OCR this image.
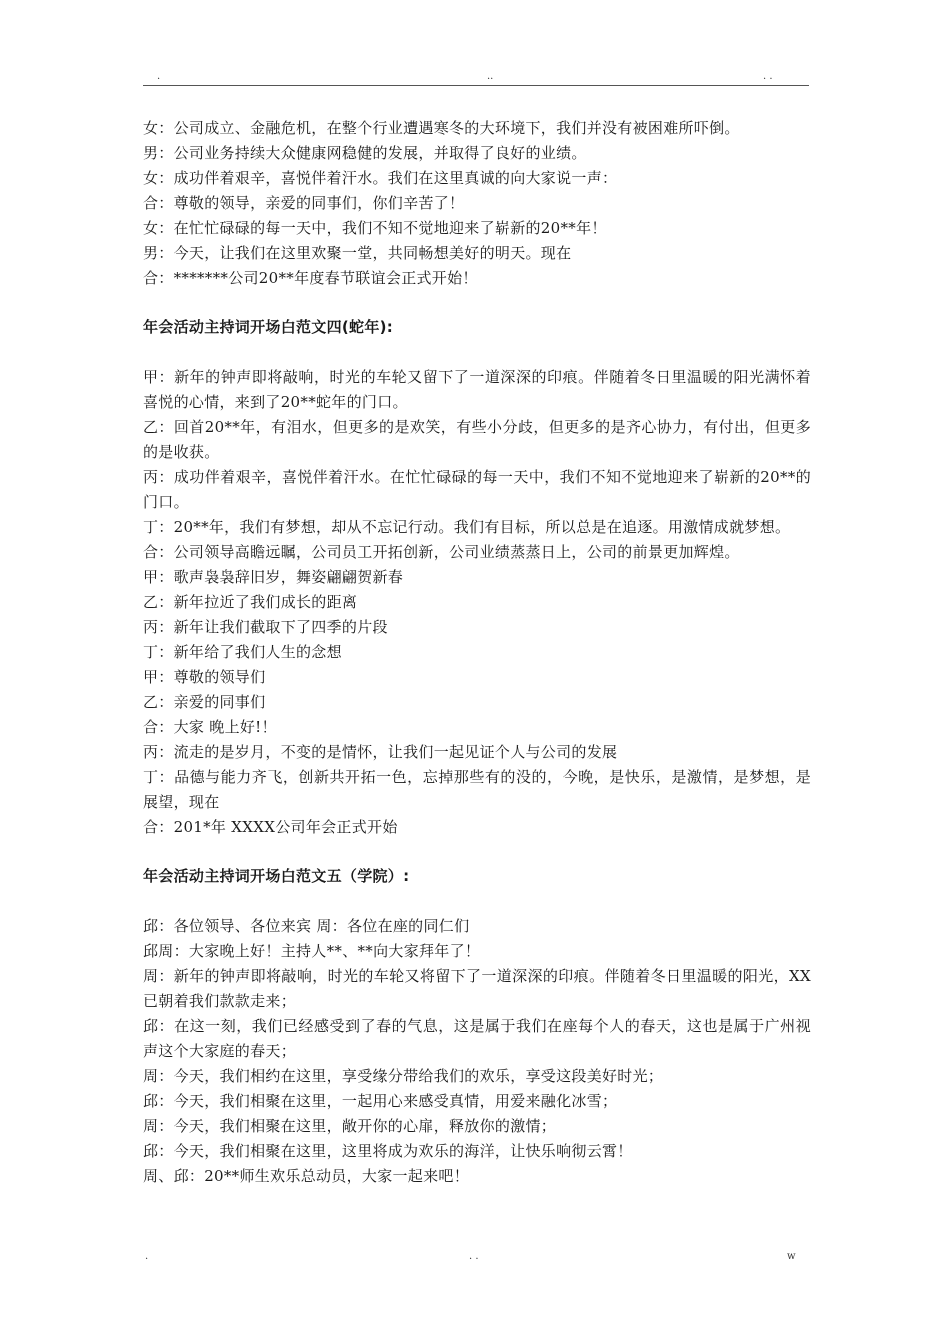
.	..	. .

女：公司成立、金融危机，在整个行业遭遇寒冬的大环境下，我们并没有被困难所吓倒。

男：公司业务持续大众健康网稳健的发展，并取得了良好的业绩。

女：成功伴着艰辛，喜悦伴着汗水。我们在这里真诚的向大家说一声：

合：尊敬的领导，亲爱的同事们，你们辛苦了！

女：在忙忙碌碌的每一天中，我们不知不觉地迎来了崭新的20**年！

男：今天，让我们在这里欢聚一堂，共同畅想美好的明天。现在

合：*******公司20**年度春节联谊会正式开始！

年会活动主持词开场白范文四(蛇年):

甲：新年的钟声即将敲响，时光的车轮又留下了一道深深的印痕。伴随着冬日里温暖的阳光满怀着喜悦的心情，来到了20**蛇年的门口。

乙：回首20**年，有泪水，但更多的是欢笑，有些小分歧，但更多的是齐心协力，有付出，但更多的是收获。

丙：成功伴着艰辛，喜悦伴着汗水。在忙忙碌碌的每一天中，我们不知不觉地迎来了崭新的20**的门口。

丁：20**年，我们有梦想，却从不忘记行动。我们有目标，所以总是在追逐。用激情成就梦想。

合：公司领导高瞻远瞩，公司员工开拓创新，公司业绩蒸蒸日上，公司的前景更加辉煌。

甲：歌声袅袅辞旧岁，舞姿翩翩贺新春

乙：新年拉近了我们成长的距离

丙：新年让我们截取下了四季的片段

丁：新年给了我们人生的念想

甲：尊敬的领导们

乙：亲爱的同事们

合：大家 晚上好!！

丙：流走的是岁月，不变的是情怀，让我们一起见证个人与公司的发展

丁：品德与能力齐飞，创新共开拓一色，忘掉那些有的没的，今晚，是快乐，是激情，是梦想，是展望，现在

合：201*年 XXXX公司年会正式开始

年会活动主持词开场白范文五（学院）:

邱：各位领导、各位来宾 周：各位在座的同仁们

邱周：大家晚上好！主持人**、**向大家拜年了！

周：新年的钟声即将敲响，时光的车轮又将留下了一道深深的印痕。伴随着冬日里温暖的阳光，XX已朝着我们款款走来；

邱：在这一刻，我们已经感受到了春的气息，这是属于我们在座每个人的春天，这也是属于广州视声这个大家庭的春天；

周：今天，我们相约在这里，享受缘分带给我们的欢乐，享受这段美好时光；

邱：今天，我们相聚在这里，一起用心来感受真情，用爱来融化冰雪；

周：今天，我们相聚在这里，敞开你的心扉，释放你的激情；

邱：今天，我们相聚在这里，这里将成为欢乐的海洋，让快乐响彻云霄！

周、邱：20**师生欢乐总动员，大家一起来吧！

.	. .	w
